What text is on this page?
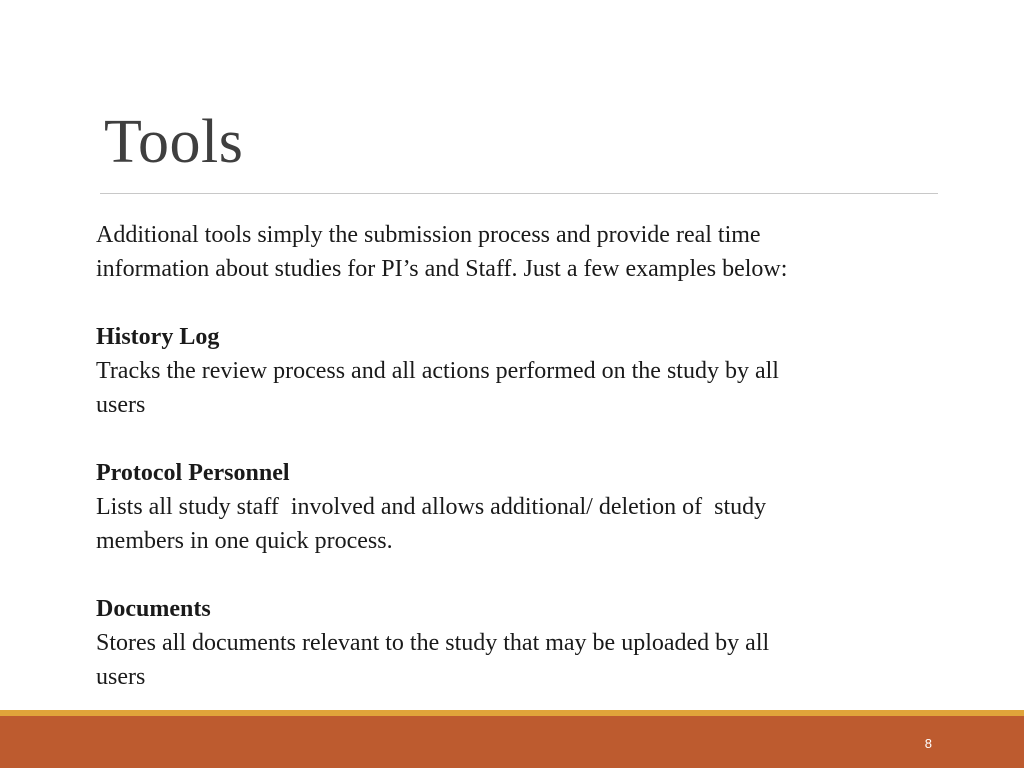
Tools

Additional tools simply the submission process and provide real time

information about studies for PI’s and Staff. Just a few examples below:

History Log

Tracks the review process and all actions performed on the study by all

users

Protocol Personnel

Lists all study staff  involved and allows additional/ deletion of  study

members in one quick process.

Documents

Stores all documents relevant to the study that may be uploaded by all

users

8
